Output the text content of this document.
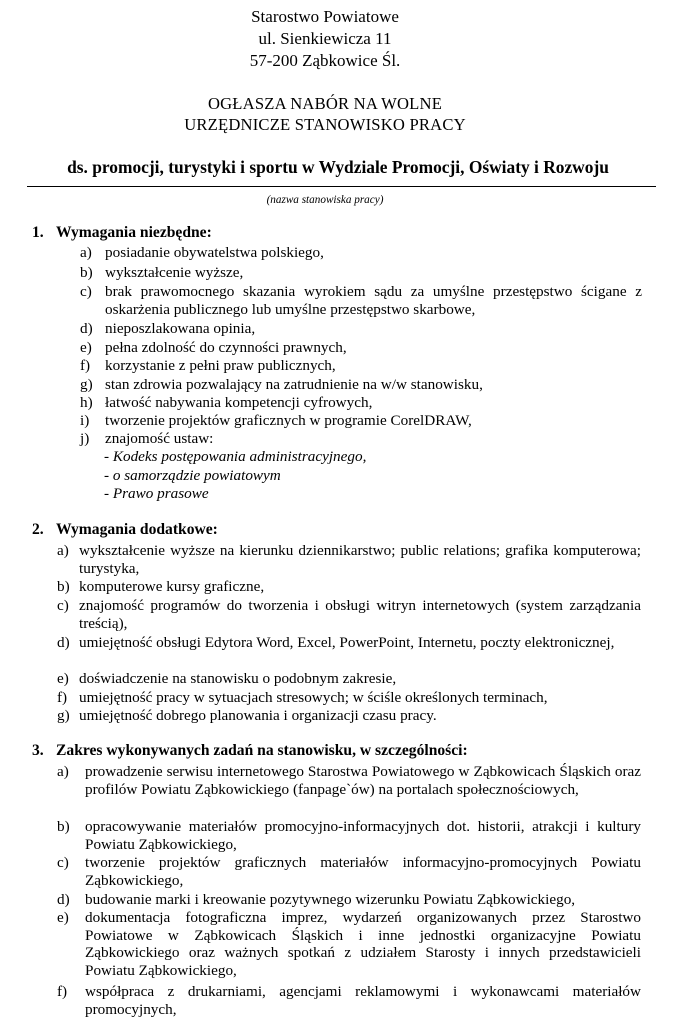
Starostwo Powiatowe
ul. Sienkiewicza 11
57-200 Ząbkowice Śl.
OGŁASZA NABÓR NA WOLNE
URZĘDNICZE STANOWISKO PRACY
ds. promocji, turystyki i sportu w Wydziale Promocji, Oświaty i Rozwoju
(nazwa stanowiska pracy)
1. Wymagania niezbędne:
a) posiadanie obywatelstwa polskiego,
b) wykształcenie wyższe,
c) brak prawomocnego skazania wyrokiem sądu za umyślne przestępstwo ścigane z oskarżenia publicznego lub umyślne przestępstwo skarbowe,
d) nieposzlakowana opinia,
e) pełna zdolność do czynności prawnych,
f) korzystanie z pełni praw publicznych,
g) stan zdrowia pozwalający na zatrudnienie na w/w stanowisku,
h) łatwość nabywania kompetencji cyfrowych,
i)	tworzenie projektów graficznych w programie CorelDRAW,
j)	znajomość ustaw:
- Kodeks postępowania administracyjnego,
- o samorządzie powiatowym
- Prawo prasowe
2. Wymagania dodatkowe:
a) wykształcenie wyższe na kierunku dziennikarstwo; public relations; grafika komputerowa; turystyka,
b) komputerowe kursy graficzne,
c) znajomość programów do tworzenia i obsługi witryn internetowych (system zarządzania treścią),
d) umiejętność obsługi Edytora Word, Excel, PowerPoint, Internetu, poczty elektronicznej,
e) doświadczenie na stanowisku o podobnym zakresie,
f) umiejętność pracy w sytuacjach stresowych; w ściśle określonych terminach,
g) umiejętność dobrego planowania i organizacji czasu pracy.
3. Zakres wykonywanych zadań na stanowisku, w szczególności:
a)	prowadzenie serwisu internetowego Starostwa Powiatowego w Ząbkowicach Śląskich oraz profilów Powiatu Ząbkowickiego (fanpage`ów) na portalach społecznościowych,
b)	opracowywanie materiałów promocyjno-informacyjnych dot. historii, atrakcji i kultury Powiatu Ząbkowickiego,
c)	tworzenie projektów graficznych materiałów informacyjno-promocyjnych Powiatu Ząbkowickiego,
d)	budowanie marki i kreowanie pozytywnego wizerunku Powiatu Ząbkowickiego,
e)	dokumentacja fotograficzna imprez, wydarzeń organizowanych przez Starostwo Powiatowe w Ząbkowicach Śląskich i inne jednostki organizacyjne Powiatu Ząbkowickiego oraz ważnych spotkań z udziałem Starosty i innych przedstawicieli Powiatu Ząbkowickiego,
f)	współpraca z drukarniami, agencjami reklamowymi i wykonawcami materiałów promocyjnych,
